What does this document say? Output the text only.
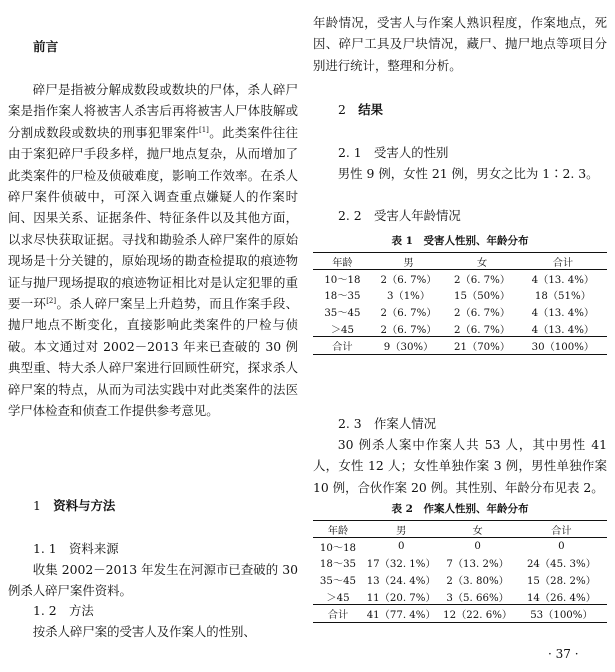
前言

碎尸是指被分解成数段或数块的尸体，杀人碎尸案是指作案人将被害人杀害后再将被害人尸体肢解或分割成数段或数块的刑事犯罪案件[1]。此类案件往往由于案犯碎尸手段多样，抛尸地点复杂，从而增加了此类案件的尸检及侦破难度，影响工作效率。在杀人碎尸案件侦破中，可深入调查重点嫌疑人的作案时间、因果关系、证据条件、特征条件以及其他方面，以求尽快获取证据。寻找和勘验杀人碎尸案件的原始现场是十分关键的，原始现场的勘查检提取的痕迹物证与抛尸现场提取的痕迹物证相比对是认定犯罪的重要一环[2]。杀人碎尸案呈上升趋势，而且作案手段、抛尸地点不断变化，直接影响此类案件的尸检与侦破。本文通过对 2002－2013 年来已查破的 30 例典型重、特大杀人碎尸案进行回顾性研究，探求杀人碎尸案的特点，从而为司法实践中对此类案件的法医学尸体检查和侦查工作提供参考意见。

1　 资料与方法

1. 1　资料来源

收集 2002－2013 年发生在河源市已查破的 30 例杀人碎尸案件资料。

1. 2　方法

按杀人碎尸案的受害人及作案人的性别、

年龄情况，受害人与作案人熟识程度，作案地点，死因、碎尸工具及尸块情况，藏尸、抛尸地点等项目分别进行统计，整理和分析。

2　 结果

2. 1　受害人的性别

男性 9 例，女性 21 例，男女之比为 1∶2. 3。

2. 2　受害人年龄情况

表 1　受害人性别、年龄分布

年龄	男	女	合计
10～18	2（6. 7%）	2（6. 7%）	4（13. 4%）
18～35	3（1%）	15（50%）	18（51%）
35～45	2（6. 7%）	2（6. 7%）	4（13. 4%）
＞45	2（6. 7%）	2（6. 7%）	4（13. 4%）
合计	9（30%）	21（70%）	30（100%）

2. 3　作案人情况

30 例杀人案中作案人共 53 人，其中男性 41 人，女性 12 人；女性单独作案 3 例，男性单独作案 10 例，合伙作案 20 例。其性别、年龄分布见表 2。

表 2　作案人性别、年龄分布

年龄	男	女	合计
10～18	0	0	0
18～35	17（32. 1%）	7（13. 2%）	24（45. 3%）
35～45	13（24. 4%）	2（3. 80%）	15（28. 2%）
＞45	11（20. 7%）	3（5. 66%）	14（26. 4%）
合计	41（77. 4%）	12（22. 6%）	53（100%）
· 37 ·
